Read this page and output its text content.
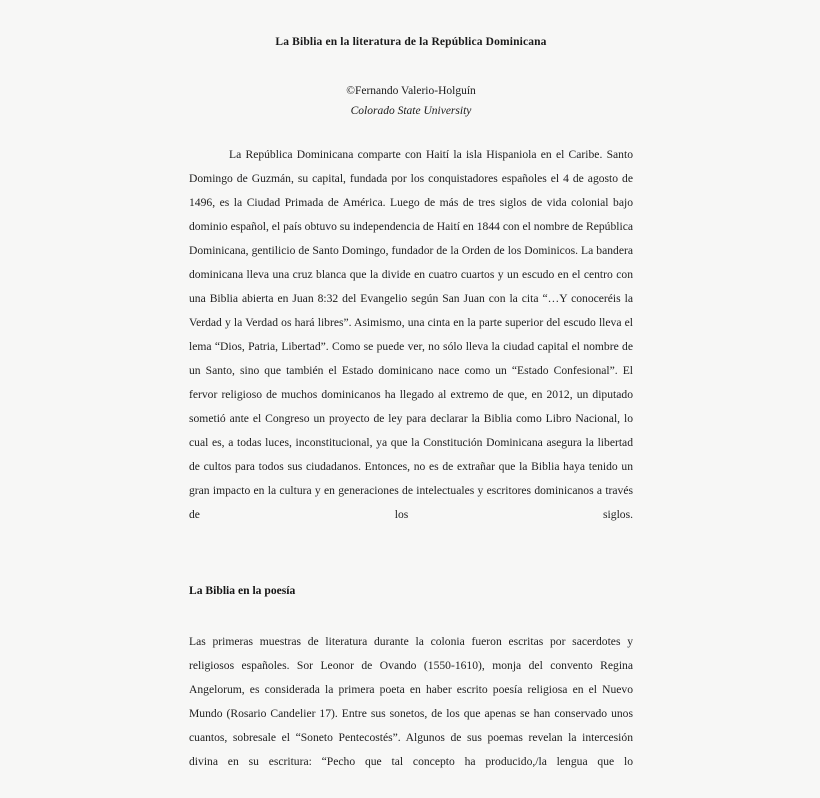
La Biblia en la literatura de la República Dominicana

©Fernando Valerio-Holguín

Colorado State University

La República Dominicana comparte con Haití la isla Hispaniola en el Caribe. Santo Domingo de Guzmán, su capital, fundada por los conquistadores españoles el 4 de agosto de 1496, es la Ciudad Primada de América. Luego de más de tres siglos de vida colonial bajo dominio español, el país obtuvo su independencia de Haití en 1844 con el nombre de República Dominicana, gentilicio de Santo Domingo, fundador de la Orden de los Dominicos. La bandera dominicana lleva una cruz blanca que la divide en cuatro cuartos y un escudo en el centro con una Biblia abierta en Juan 8:32 del Evangelio según San Juan con la cita “…Y conoceréis la Verdad y la Verdad os hará libres”. Asimismo, una cinta en la parte superior del escudo lleva el lema “Dios, Patria, Libertad”. Como se puede ver, no sólo lleva la ciudad capital el nombre de un Santo, sino que también el Estado dominicano nace como un “Estado Confesional”. El fervor religioso de muchos dominicanos ha llegado al extremo de que, en 2012, un diputado sometió ante el Congreso un proyecto de ley para declarar la Biblia como Libro Nacional, lo cual es, a todas luces, inconstitucional, ya que la Constitución Dominicana asegura la libertad de cultos para todos sus ciudadanos. Entonces, no es de extrañar que la Biblia haya tenido un gran impacto en la cultura y en generaciones de intelectuales y escritores dominicanos a través de los siglos.

La Biblia en la poesía

Las primeras muestras de literatura durante la colonia fueron escritas por sacerdotes y religiosos españoles. Sor Leonor de Ovando (1550-1610), monja del convento Regina Angelorum, es considerada la primera poeta en haber escrito poesía religiosa en el Nuevo Mundo (Rosario Candelier 17). Entre sus sonetos, de los que apenas se han conservado unos cuantos, sobresale el “Soneto Pentecostés”. Algunos de sus poemas revelan la intercesión divina en su escritura: “Pecho que tal concepto ha producido,/la lengua que lo
